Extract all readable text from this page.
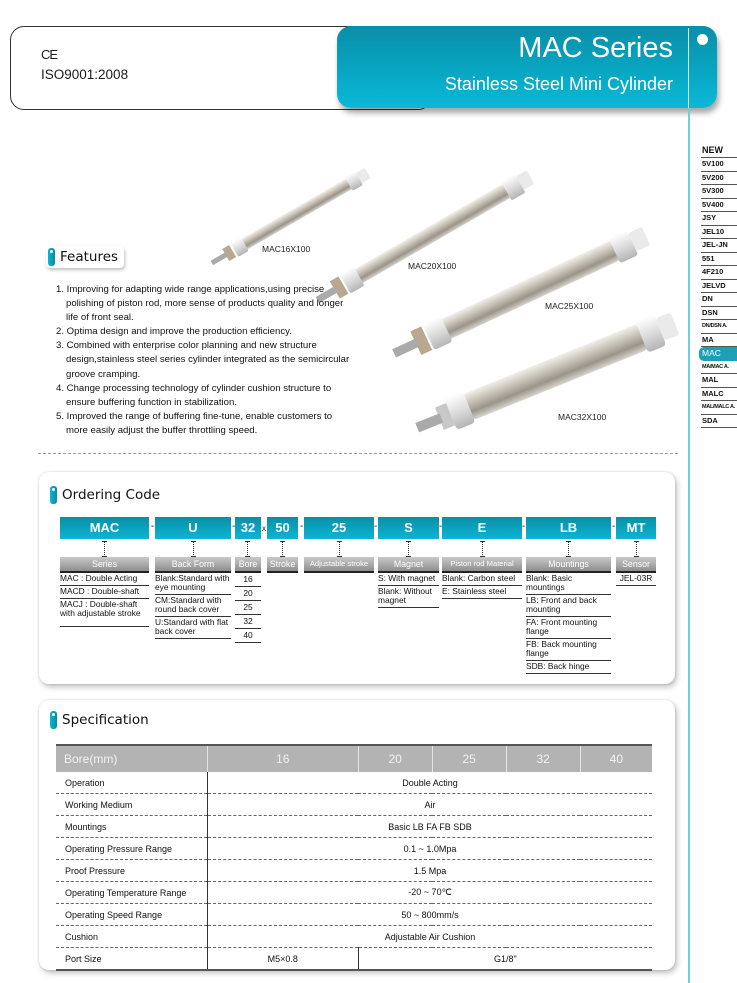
CE
ISO9001:2008
MAC Series
Stainless Steel Mini Cylinder
NEW
5V100
5V200
5V300
5V400
JSY
JEL10
JEL-JN
551
4F210
JELVD
DN
DSN
DN/DSN A.
MA
MAC
MA/MAC A.
MAL
MALC
MAL/MALC A.
SDA
MAC16X100
MAC20X100
MAC25X100
MAC32X100
Features
1. Improving for adapting wide range applications,using precise polishing of piston rod, more sense of products quality and longer life of front seal.
2. Optima design and improve the production efficiency.
3. Combined with enterprise color planning and new structure design,stainless steel series cylinder integrated as the semicircular groove cramping.
4. Change processing technology of cylinder cushion structure to ensure buffering function in stabilization.
5. Improved the range of buffering fine-tune, enable customers to more easily adjust the buffer throttling speed.
Ordering Code
MAC	-	U	- 32 x 50	-	25	-	S	-	E	-	LB	- MT
Series	Back Form	Bore	Stroke	Adjustable stroke	Magnet	Piston rod Material	Mountings	Sensor
MAC : Double Acting
MACD : Double-shaft
MACJ : Double-shaft with adjustable stroke
Blank:Standard with eye mounting
CM:Standard with round back cover
U:Standard with flat back cover
16
20
25
32
40
S: With magnet
Blank: Without magnet
Blank: Carbon steel
E: Stainless steel
Blank: Basic mountings
LB: Front and back mounting
FA: Front mounting flange
FB: Back mounting flange
SDB: Back hinge
JEL-03R
Specification
Bore(mm)	16	20	25	32	40
Operation	Double Acting				
Working Medium	Air				
Mountings	Basic LB FA FB SDB				
Operating Pressure Range	0.1 ~ 1.0Mpa				
Proof Pressure	1.5 Mpa				
Operating Temperature Range	-20 ~ 70℃				
Operating Speed Range	50 ~ 800mm/s				
Cushion	Adjustable Air Cushion				
Port Size	M5×0.8	G1/8"			
